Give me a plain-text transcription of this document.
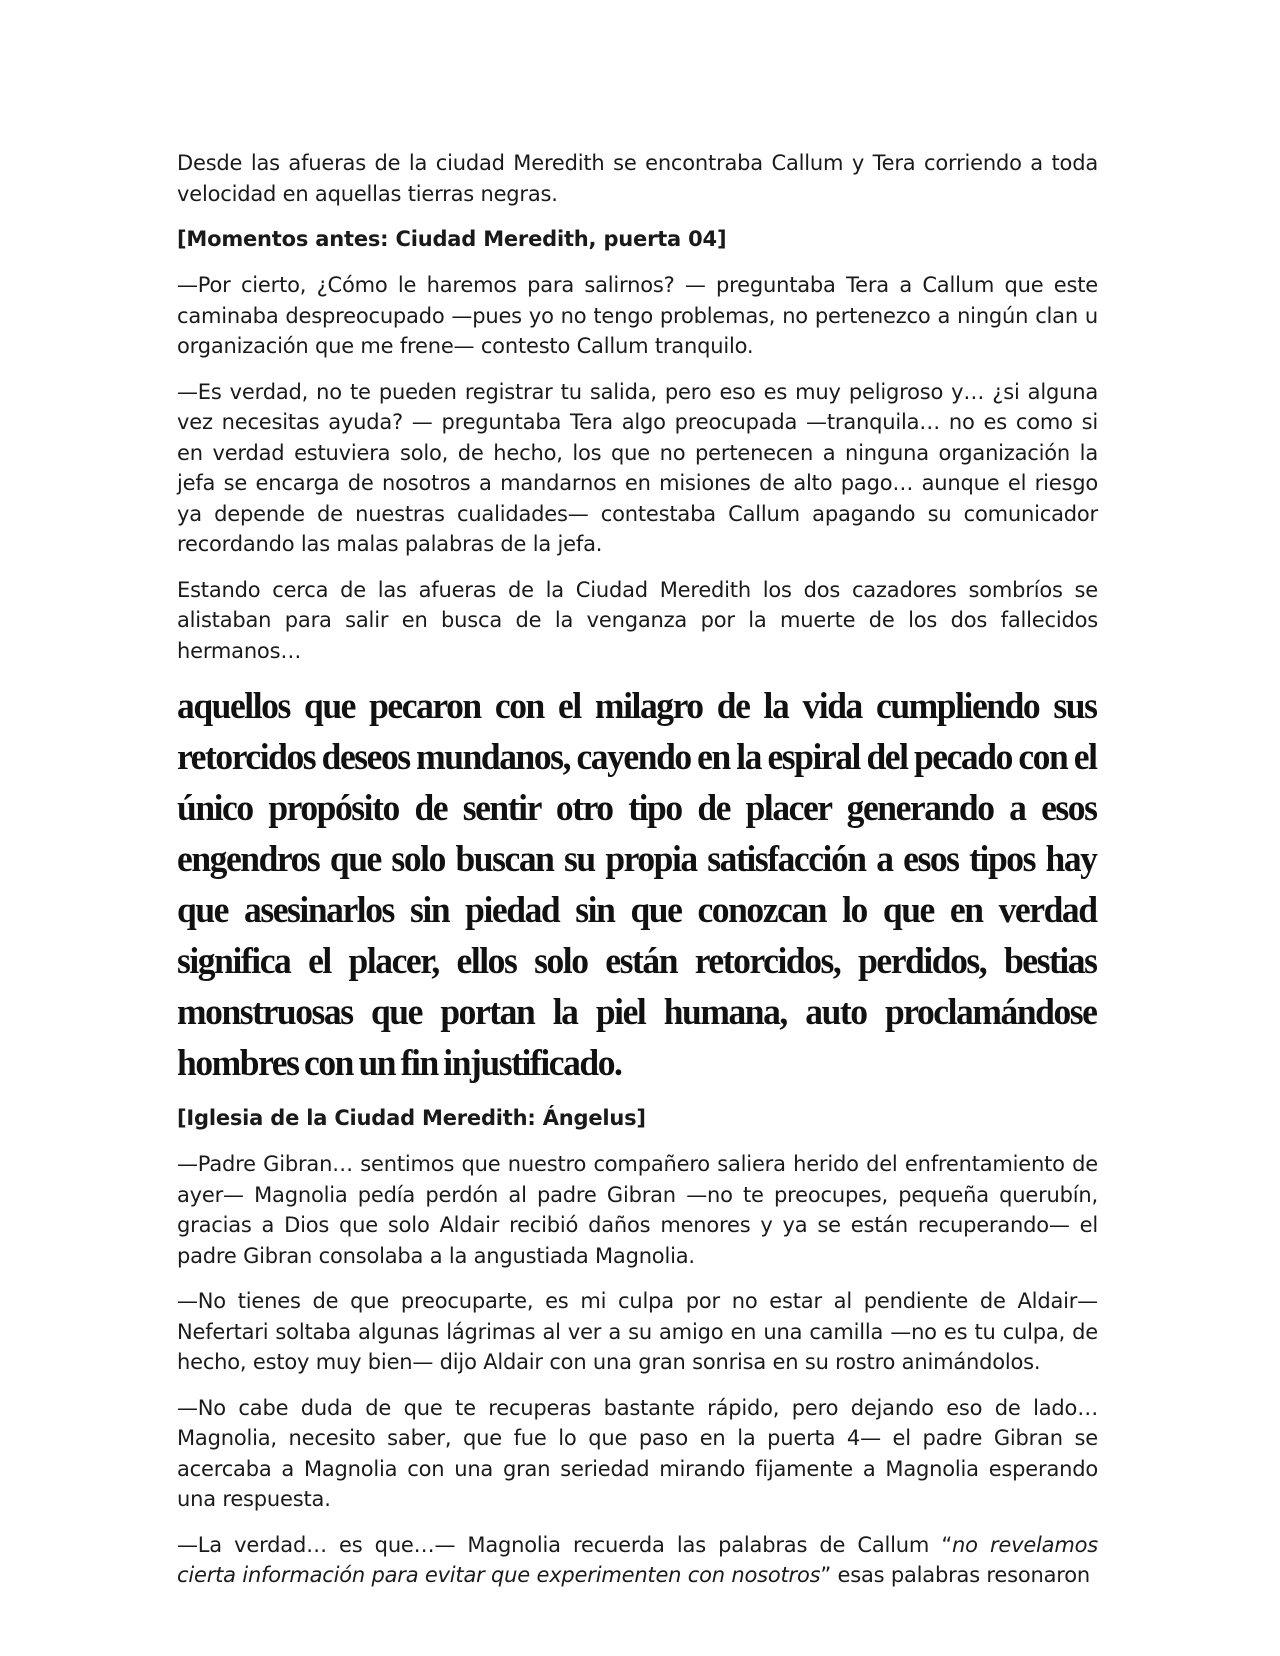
Desde las afueras de la ciudad Meredith se encontraba Callum y Tera corriendo a toda velocidad en aquellas tierras negras.

[Momentos antes: Ciudad Meredith, puerta 04]

—Por cierto, ¿Cómo le haremos para salirnos? — preguntaba Tera a Callum que este caminaba despreocupado —pues yo no tengo problemas, no pertenezco a ningún clan u organización que me frene— contesto Callum tranquilo.

—Es verdad, no te pueden registrar tu salida, pero eso es muy peligroso y… ¿si alguna vez necesitas ayuda? — preguntaba Tera algo preocupada —tranquila… no es como si en verdad estuviera solo, de hecho, los que no pertenecen a ninguna organización la jefa se encarga de nosotros a mandarnos en misiones de alto pago… aunque el riesgo ya depende de nuestras cualidades— contestaba Callum apagando su comunicador recordando las malas palabras de la jefa.

Estando cerca de las afueras de la Ciudad Meredith los dos cazadores sombríos se alistaban para salir en busca de la venganza por la muerte de los dos fallecidos hermanos…

aquellos que pecaron con el milagro de la vida cumpliendo sus retorcidos deseos mundanos, cayendo en la espiral del pecado con el único propósito de sentir otro tipo de placer generando a esos engendros que solo buscan su propia satisfacción a esos tipos hay que asesinarlos sin piedad sin que conozcan lo que en verdad significa el placer, ellos solo están retorcidos, perdidos, bestias monstruosas que portan la piel humana, auto proclamándose hombres con un fin injustificado.

[Iglesia de la Ciudad Meredith: Ángelus]

—Padre Gibran… sentimos que nuestro compañero saliera herido del enfrentamiento de ayer— Magnolia pedía perdón al padre Gibran —no te preocupes, pequeña querubín, gracias a Dios que solo Aldair recibió daños menores y ya se están recuperando— el padre Gibran consolaba a la angustiada Magnolia.

—No tienes de que preocuparte, es mi culpa por no estar al pendiente de Aldair— Nefertari soltaba algunas lágrimas al ver a su amigo en una camilla —no es tu culpa, de hecho, estoy muy bien— dijo Aldair con una gran sonrisa en su rostro animándolos.

—No cabe duda de que te recuperas bastante rápido, pero dejando eso de lado… Magnolia, necesito saber, que fue lo que paso en la puerta 4— el padre Gibran se acercaba a Magnolia con una gran seriedad mirando fijamente a Magnolia esperando una respuesta.

—La verdad… es que…— Magnolia recuerda las palabras de Callum “no revelamos cierta información para evitar que experimenten con nosotros” esas palabras resonaron
